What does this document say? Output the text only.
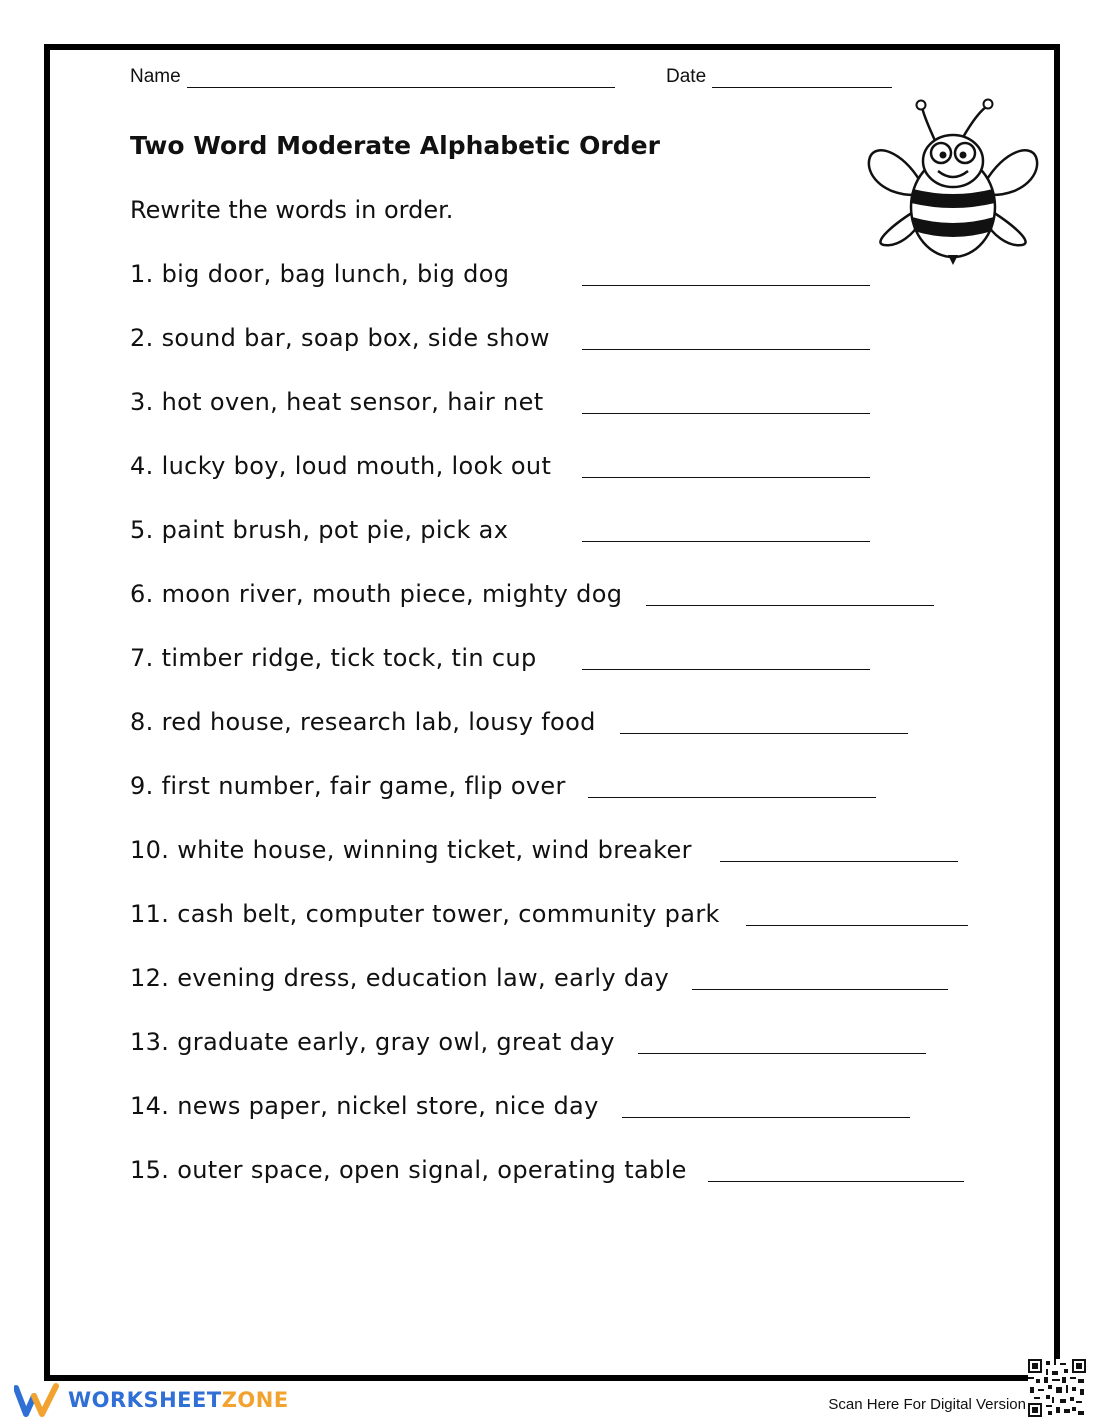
Name	Date
Two Word Moderate Alphabetic Order

Rewrite the words in order.

1. big door, bag lunch, big dog
2. sound bar, soap box, side show
3. hot oven, heat sensor, hair net
4. lucky boy, loud mouth, look out
5. paint brush, pot pie, pick ax
6. moon river, mouth piece, mighty dog
7. timber ridge, tick tock, tin cup
8. red house, research lab, lousy food
9. first number, fair game, flip over
10. white house, winning ticket, wind breaker
11. cash belt, computer tower, community park
12. evening dress, education law, early day
13. graduate early, gray owl, great day
14. news paper, nickel store, nice day
15. outer space, open signal, operating table
WORKSHEETZONE	Scan Here For Digital Version
